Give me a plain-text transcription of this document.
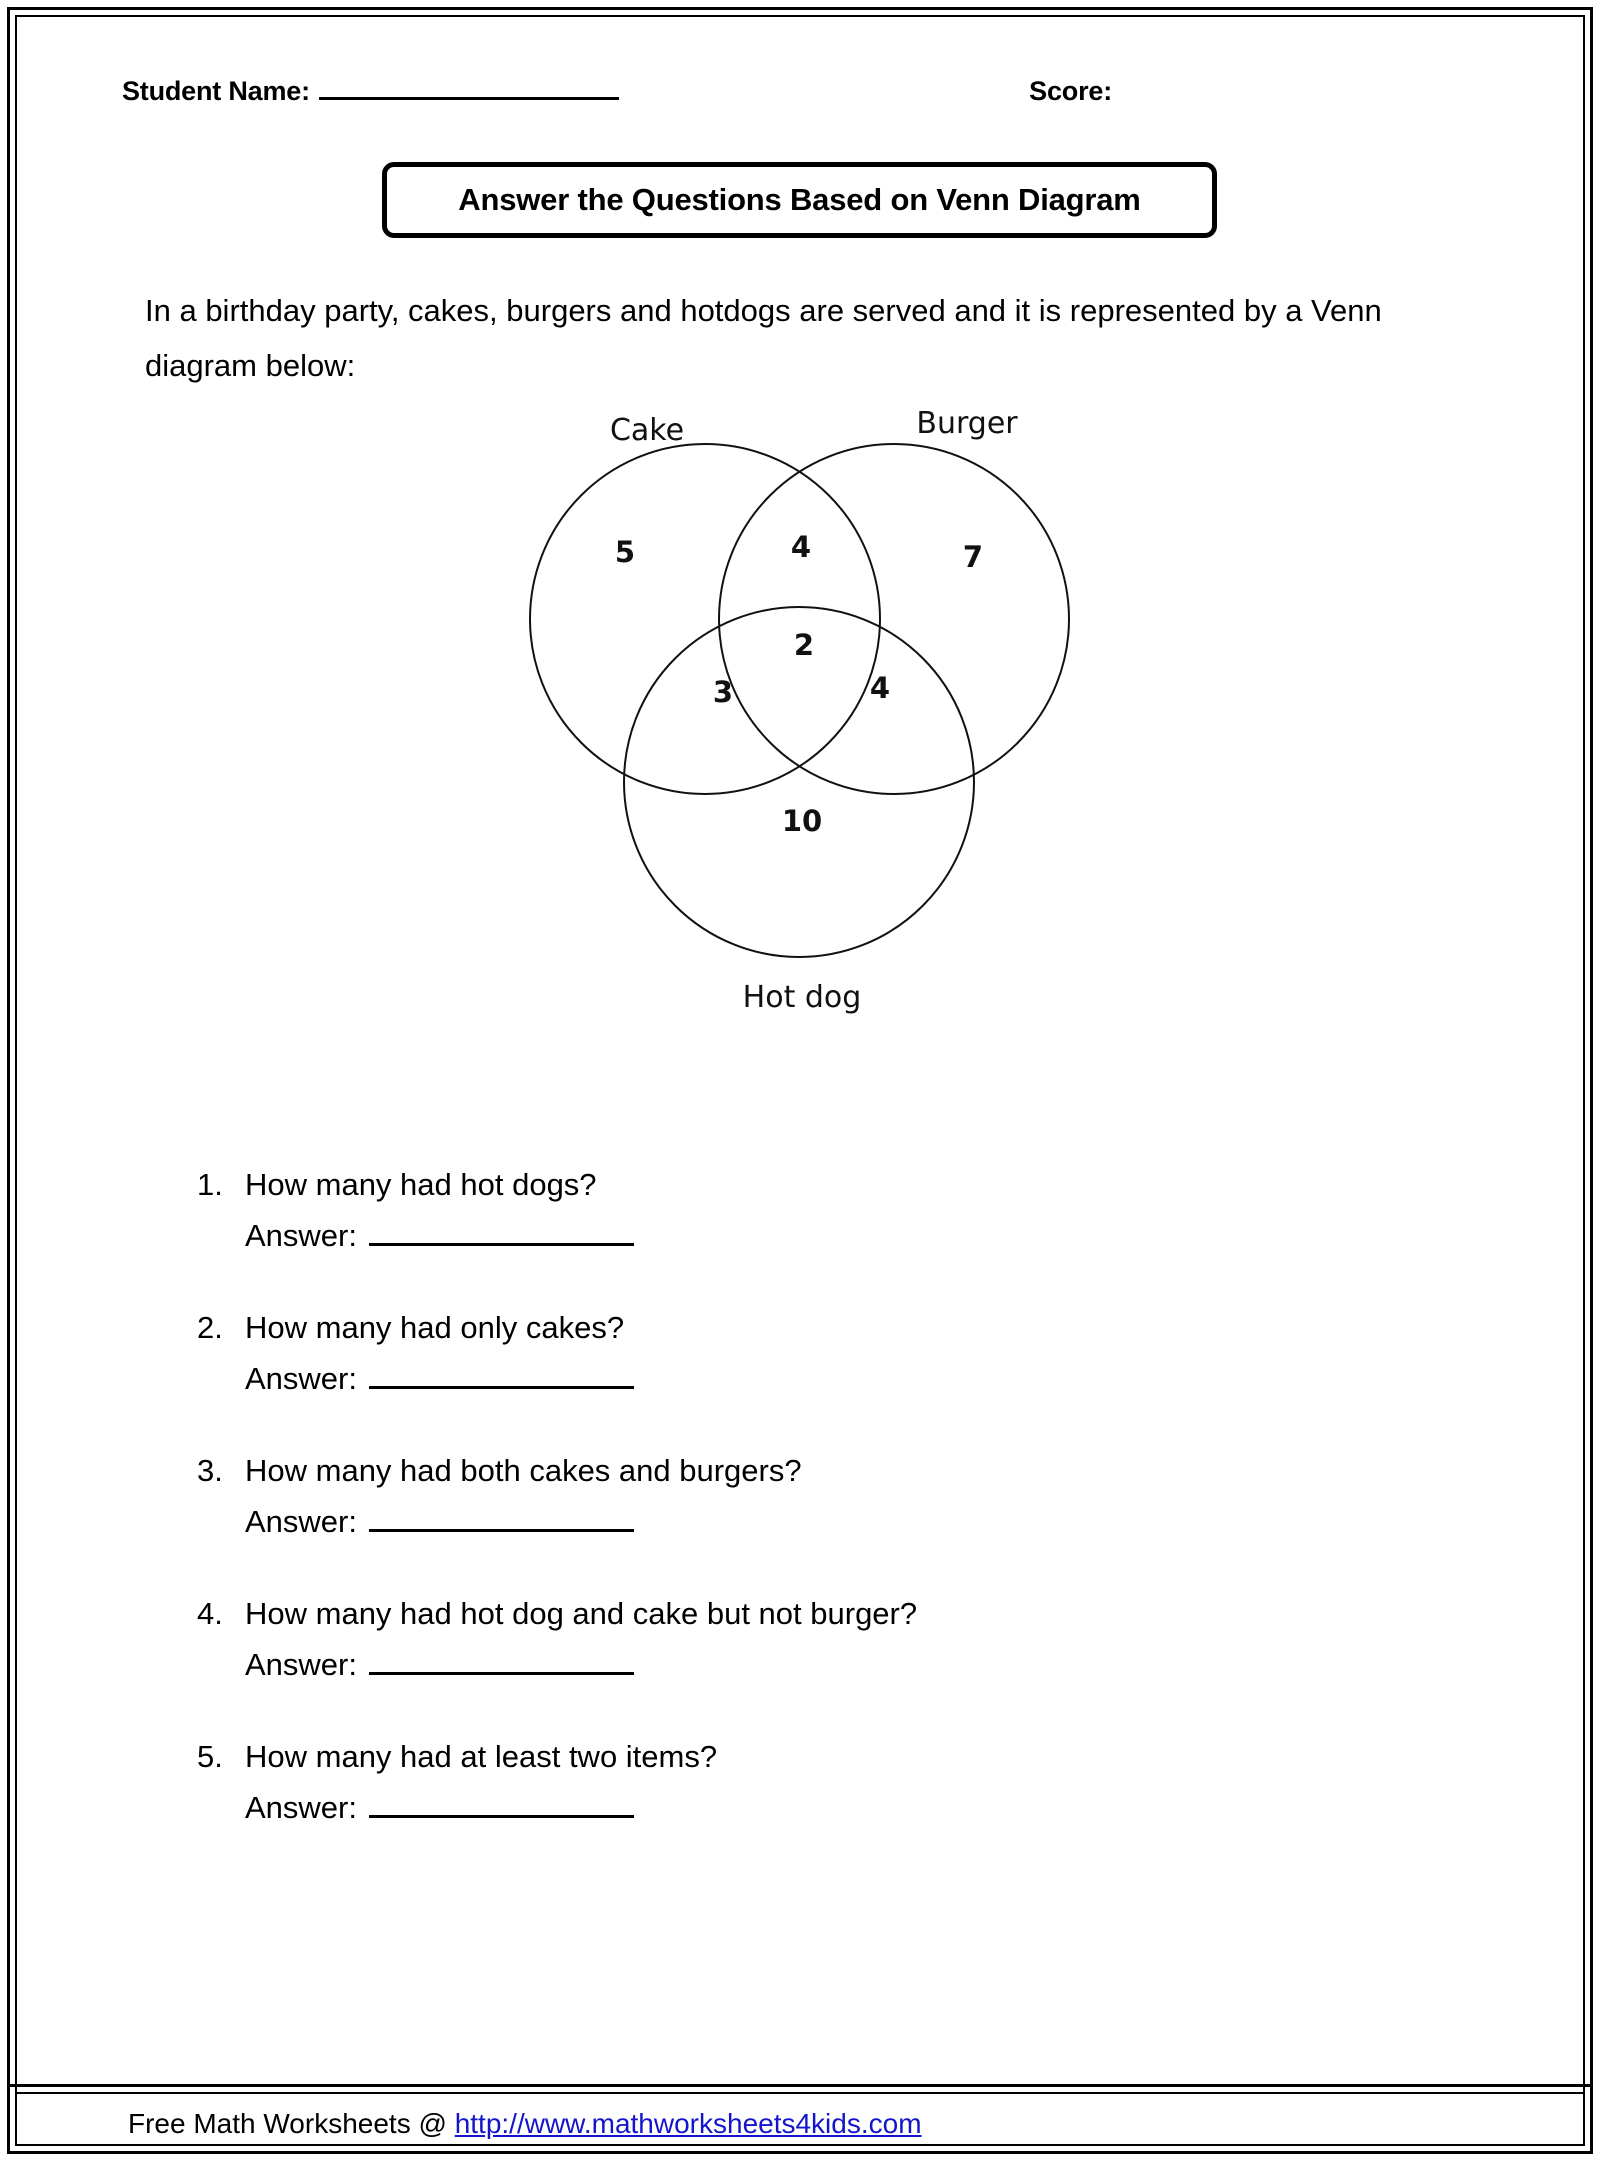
Student Name:	Score:
Answer the Questions Based on Venn Diagram
In a birthday party, cakes, burgers and hotdogs are served and it is represented by a Venn diagram below:
Cake	Burger
Hot dog
5	4	7
2
3	4
10
1. How many had hot dogs?
Answer:
2. How many had only cakes?
Answer:
3. How many had both cakes and burgers?
Answer:
4. How many had hot dog and cake but not burger?
Answer:
5. How many had at least two items?
Answer:
Free Math Worksheets @ http://www.mathworksheets4kids.com
